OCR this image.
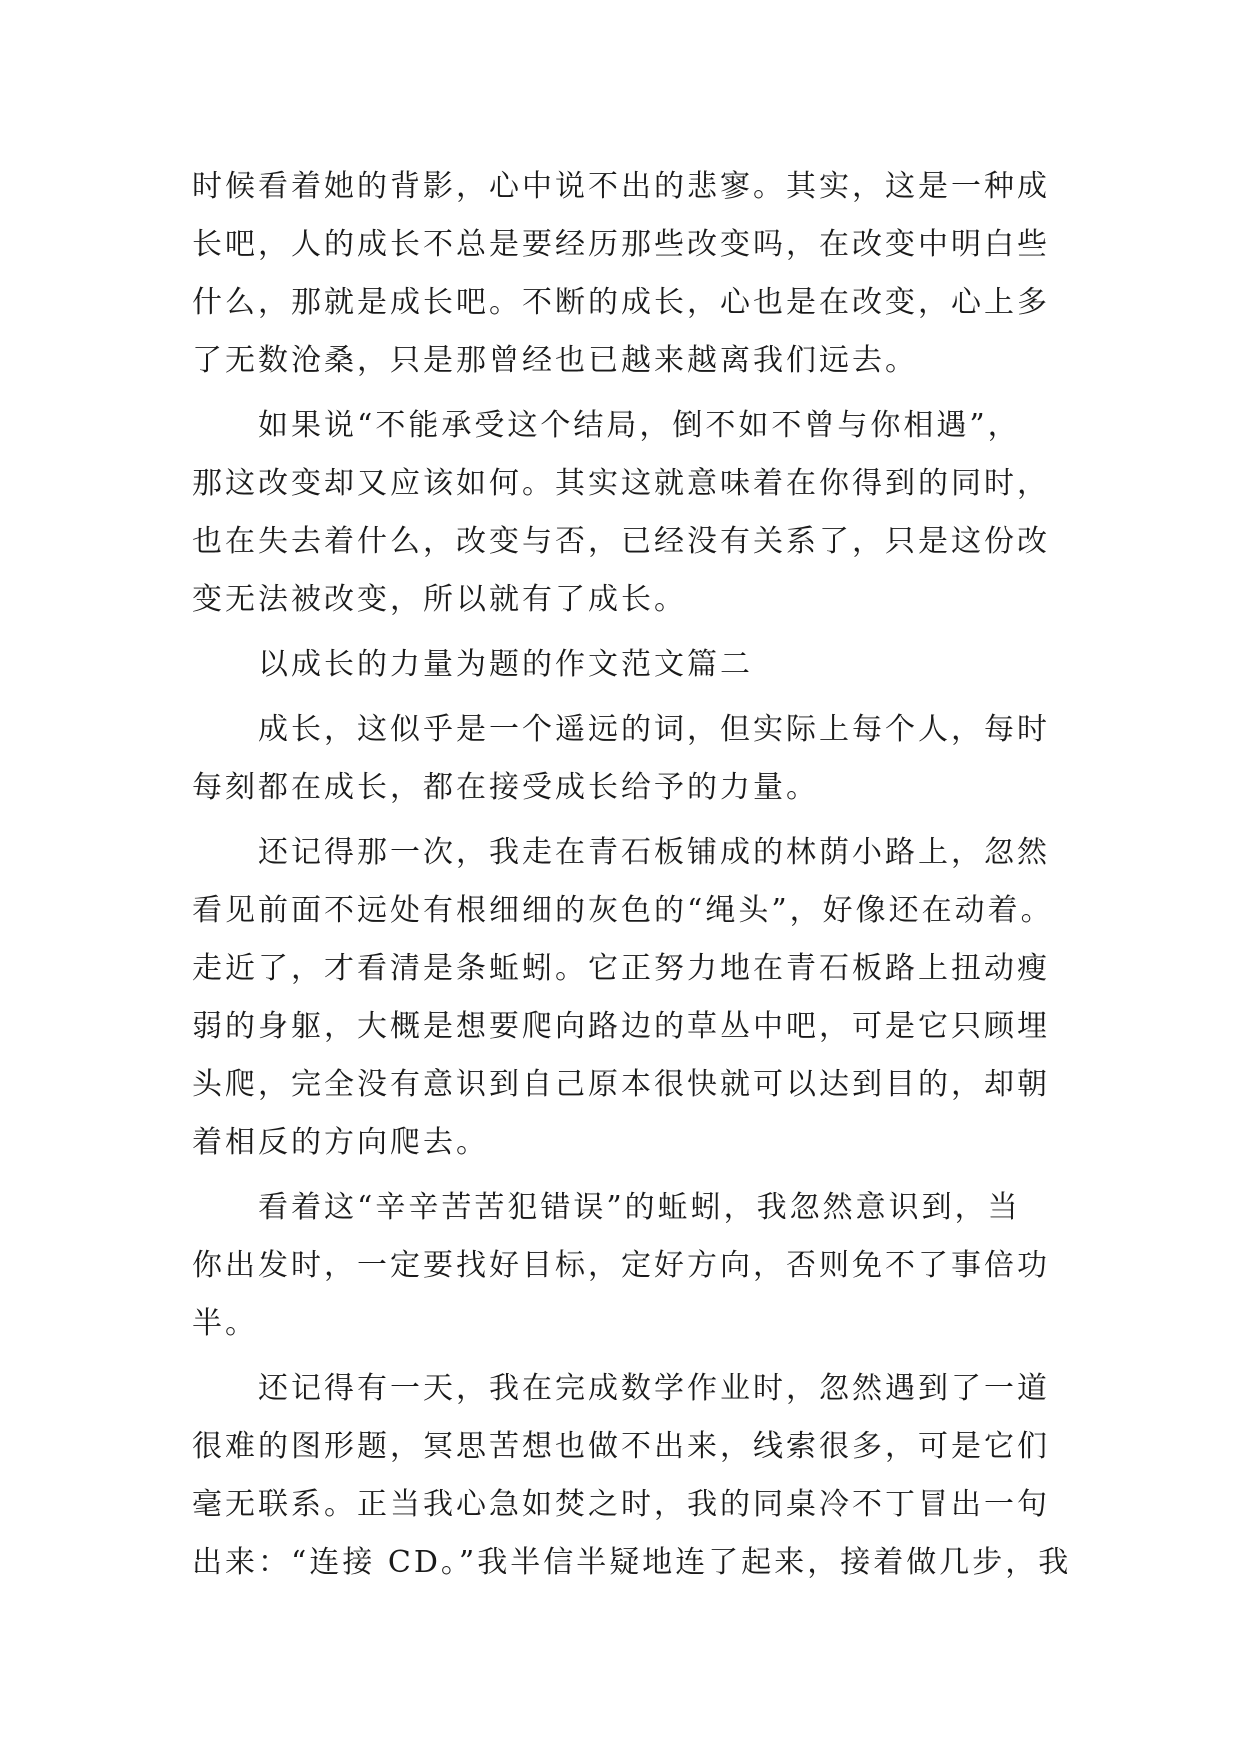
时候看着她的背影，心中说不出的悲寥。其实，这是一种成
长吧，人的成长不总是要经历那些改变吗，在改变中明白些
什么，那就是成长吧。不断的成长，心也是在改变，心上多
了无数沧桑，只是那曾经也已越来越离我们远去。
如果说“不能承受这个结局，倒不如不曾与你相遇”，
那这改变却又应该如何。其实这就意味着在你得到的同时，
也在失去着什么，改变与否，已经没有关系了，只是这份改
变无法被改变，所以就有了成长。
以成长的力量为题的作文范文篇二
成长，这似乎是一个遥远的词，但实际上每个人，每时
每刻都在成长，都在接受成长给予的力量。
还记得那一次，我走在青石板铺成的林荫小路上，忽然
看见前面不远处有根细细的灰色的“绳头”，好像还在动着。
走近了，才看清是条蚯蚓。它正努力地在青石板路上扭动瘦
弱的身躯，大概是想要爬向路边的草丛中吧，可是它只顾埋
头爬，完全没有意识到自己原本很快就可以达到目的，却朝
着相反的方向爬去。
看着这“辛辛苦苦犯错误”的蚯蚓，我忽然意识到，当
你出发时，一定要找好目标，定好方向，否则免不了事倍功
半。
还记得有一天，我在完成数学作业时，忽然遇到了一道
很难的图形题，冥思苦想也做不出来，线索很多，可是它们
毫无联系。正当我心急如焚之时，我的同桌冷不丁冒出一句
出来：“连接 CD。”我半信半疑地连了起来，接着做几步，我
